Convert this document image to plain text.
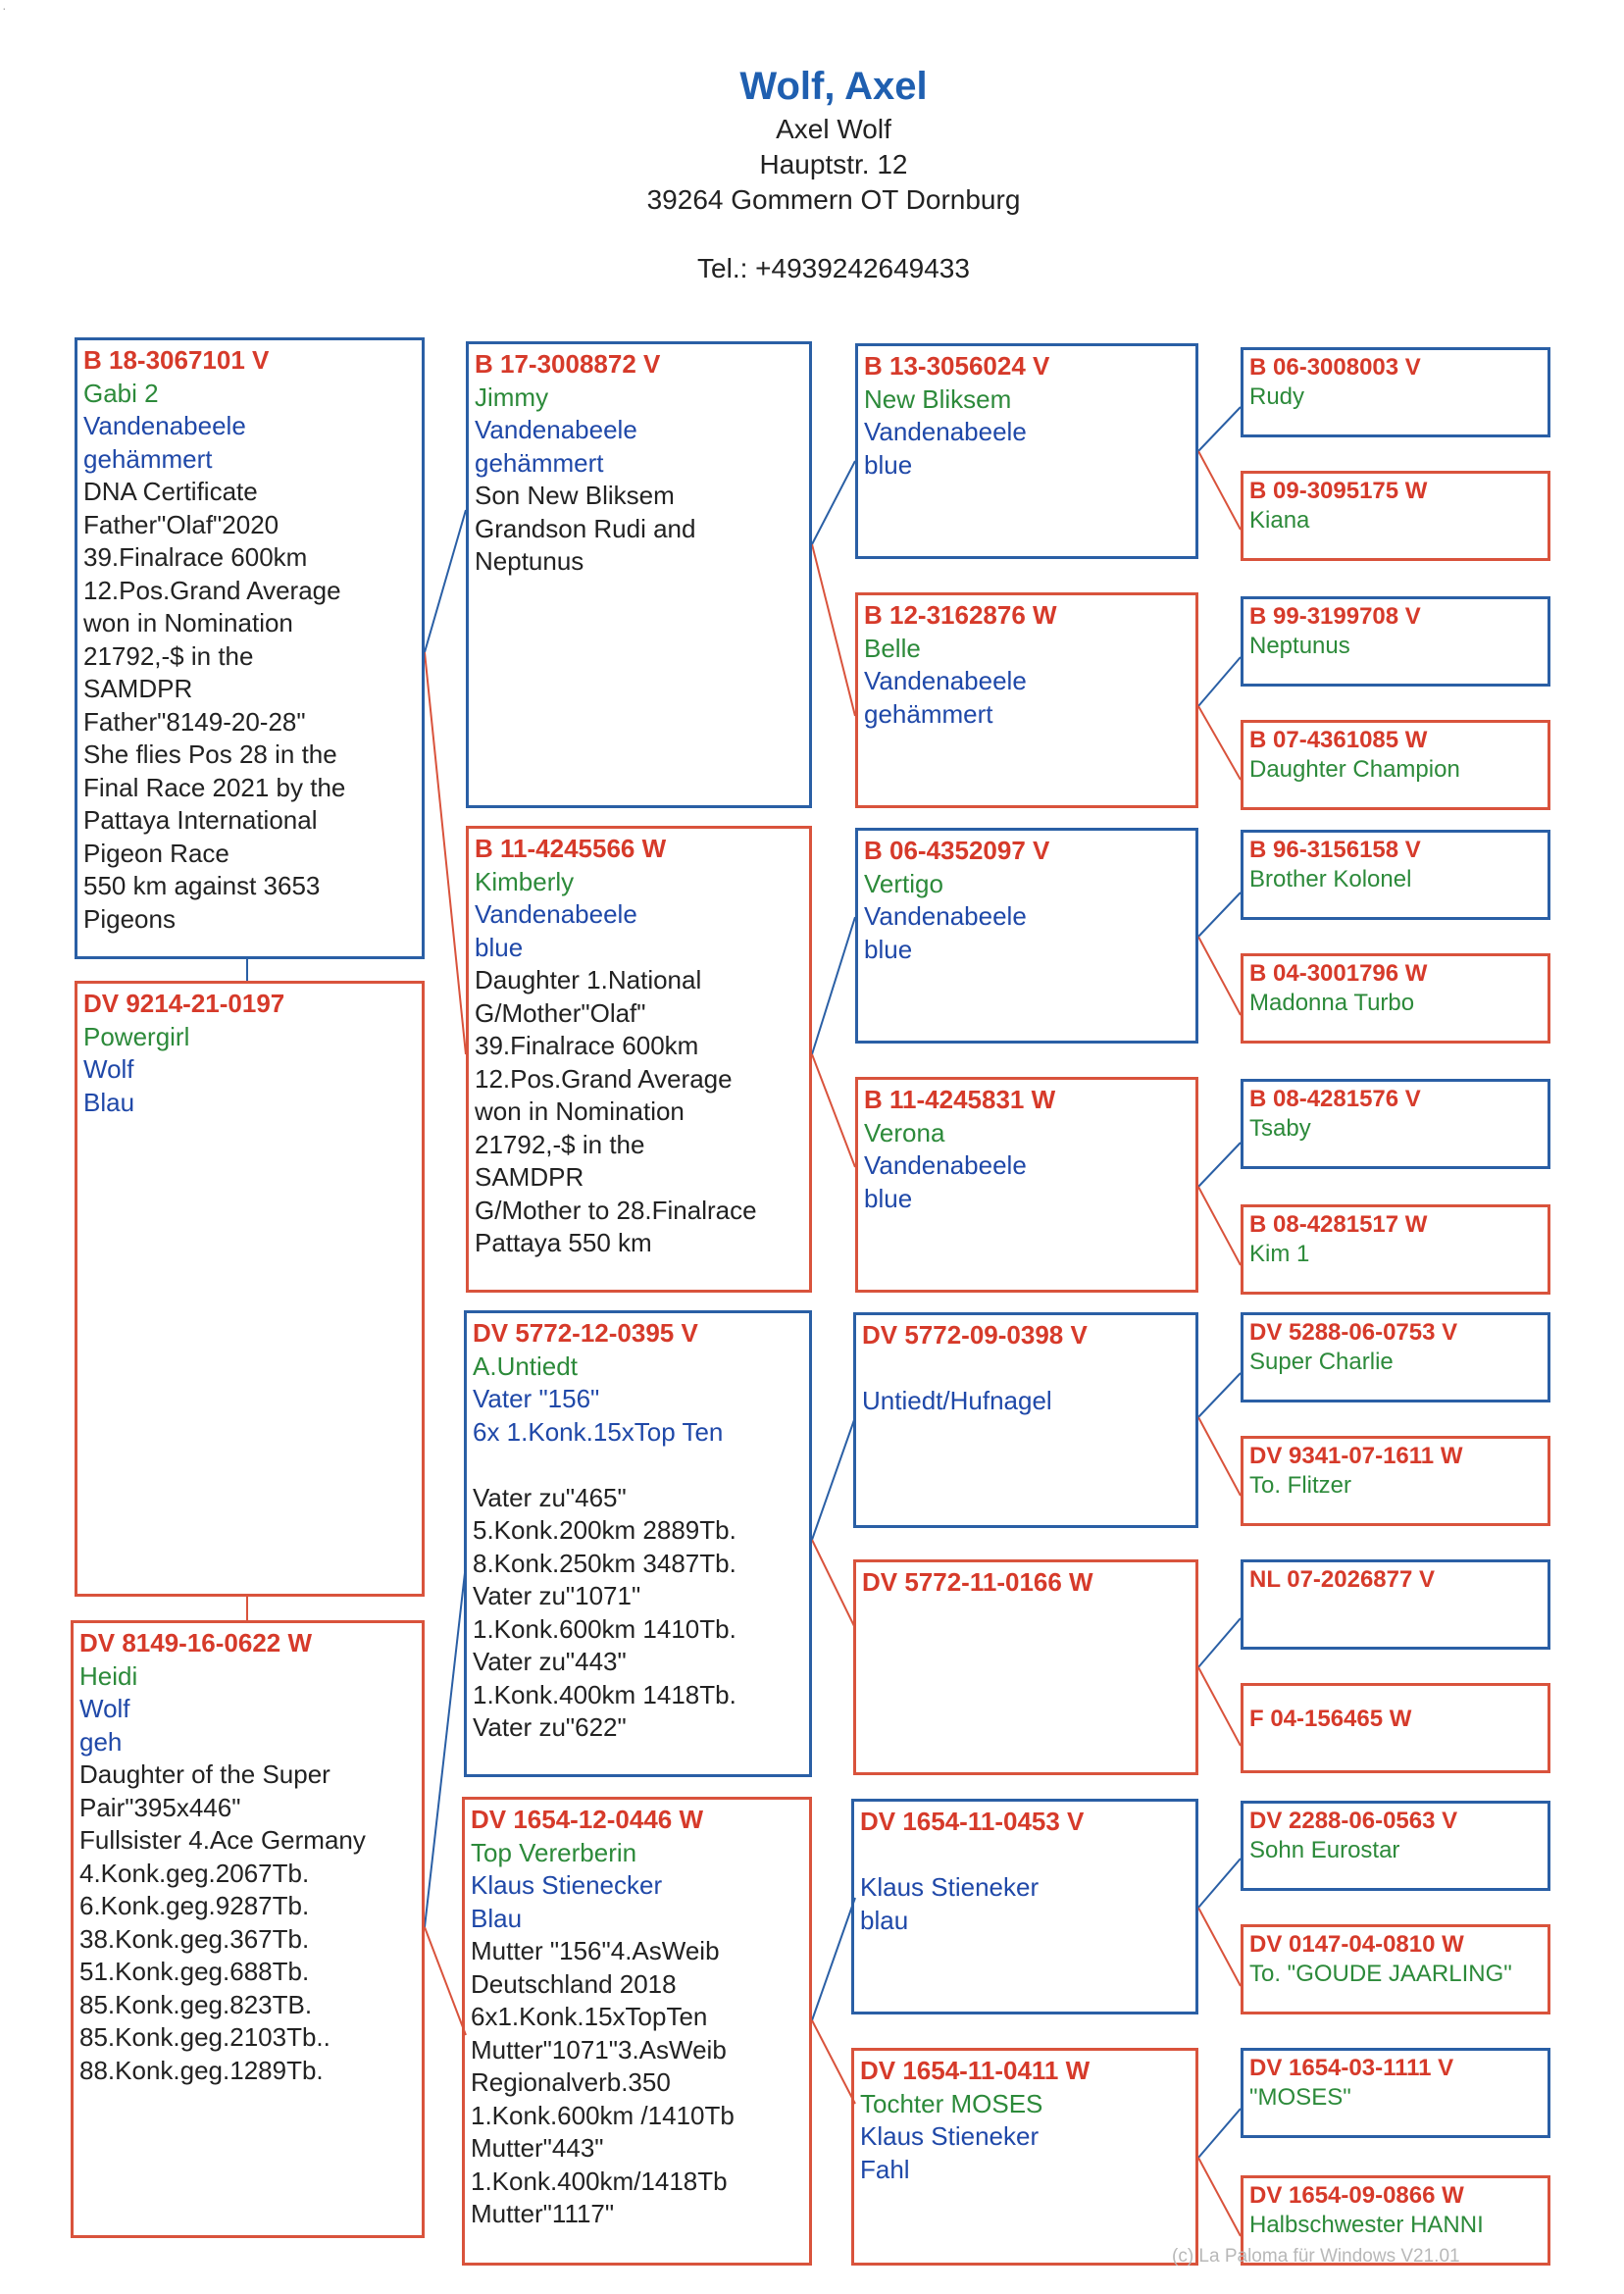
·
Wolf, Axel
Axel Wolf
Hauptstr. 12
39264 Gommern OT Dornburg
Tel.: +4939242649433
B 18-3067101 V
Gabi 2
Vandenabeele
gehämmert
DNA Certificate
Father"Olaf"2020
39.Finalrace 600km
12.Pos.Grand Average
won in Nomination
21792,-$ in the
SAMDPR
Father"8149-20-28"
She flies Pos 28 in the
Final Race 2021 by the
Pattaya International
Pigeon Race
550 km against 3653
Pigeons
DV 9214-21-0197
Powergirl
Wolf
Blau
DV 8149-16-0622 W
Heidi
Wolf
geh
Daughter of the Super
Pair"395x446"
Fullsister 4.Ace Germany
4.Konk.geg.2067Tb.
6.Konk.geg.9287Tb.
38.Konk.geg.367Tb.
51.Konk.geg.688Tb.
85.Konk.geg.823TB.
85.Konk.geg.2103Tb..
88.Konk.geg.1289Tb.
B 17-3008872 V
Jimmy
Vandenabeele
gehämmert
Son New Bliksem
Grandson Rudi and
Neptunus
B 11-4245566 W
Kimberly
Vandenabeele
blue
Daughter 1.National
G/Mother"Olaf"
39.Finalrace 600km
12.Pos.Grand Average
won in Nomination
21792,-$ in the
SAMDPR
G/Mother to 28.Finalrace
Pattaya 550 km
DV 5772-12-0395 V
A.Untiedt
Vater "156"
6x 1.Konk.15xTop Ten

Vater zu"465"
5.Konk.200km 2889Tb.
8.Konk.250km 3487Tb.
Vater zu"1071"
1.Konk.600km 1410Tb.
Vater zu"443"
1.Konk.400km 1418Tb.
Vater zu"622"
DV 1654-12-0446 W
Top Vererberin
Klaus Stienecker
Blau
Mutter "156"4.AsWeib
Deutschland 2018
6x1.Konk.15xTopTen
Mutter"1071"3.AsWeib
Regionalverb.350
1.Konk.600km /1410Tb
Mutter"443"
1.Konk.400km/1418Tb
Mutter"1117"
B 13-3056024 V
New Bliksem
Vandenabeele
blue
B 12-3162876 W
Belle
Vandenabeele
gehämmert
B 06-4352097 V
Vertigo
Vandenabeele
blue
B 11-4245831 W
Verona
Vandenabeele
blue
DV 5772-09-0398 V

Untiedt/Hufnagel
DV 5772-11-0166 W
DV 1654-11-0453 V

Klaus Stieneker
blau
DV 1654-11-0411 W
Tochter MOSES
Klaus Stieneker
Fahl
B 06-3008003 V
Rudy
B 09-3095175 W
Kiana
B 99-3199708 V
Neptunus
B 07-4361085 W
Daughter Champion
B 96-3156158 V
Brother Kolonel
B 04-3001796 W
Madonna Turbo
B 08-4281576 V
Tsaby
B 08-4281517 W
Kim 1
DV 5288-06-0753 V
Super Charlie
DV 9341-07-1611 W
To. Flitzer
NL 07-2026877 V
F 04-156465 W
DV 2288-06-0563 V
Sohn Eurostar
DV 0147-04-0810 W
To. "GOUDE JAARLING"
DV 1654-03-1111 V
"MOSES"
DV 1654-09-0866 W
Halbschwester HANNI
(c) La Paloma für Windows V21.01
